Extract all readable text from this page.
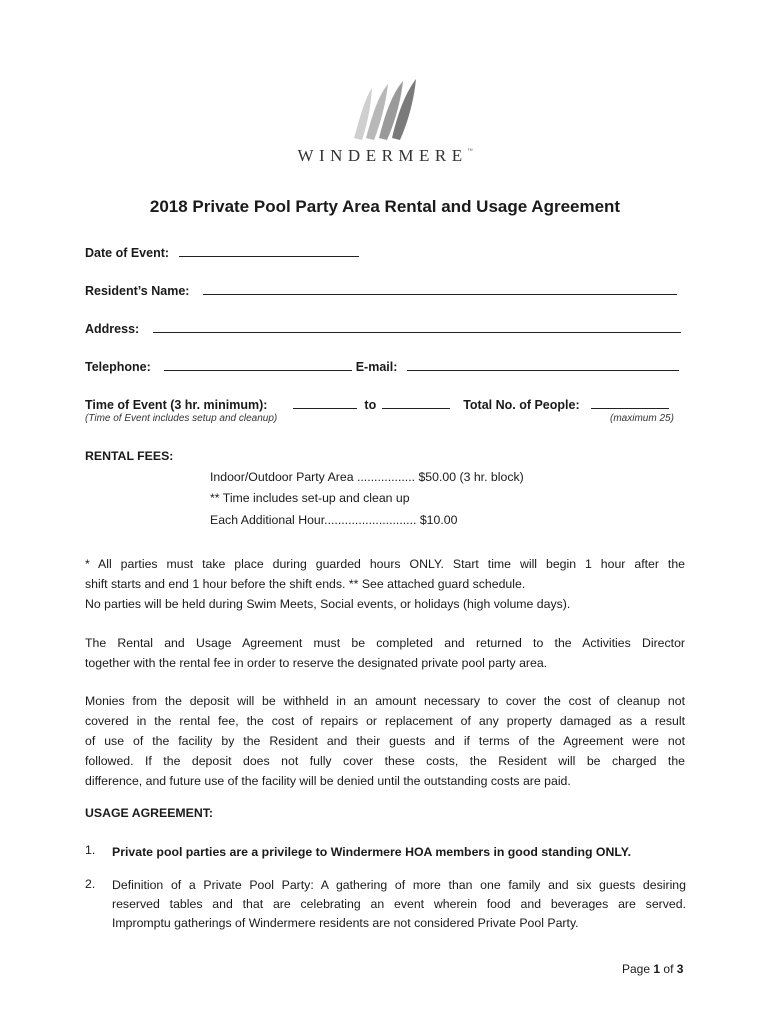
WINDERMERE™
2018 Private Pool Party Area Rental and Usage Agreement
Date of Event:
Resident’s Name:
Address:
Telephone:	E-mail:
Time of Event (3 hr. minimum):	to	Total No. of People:
(Time of Event includes setup and cleanup)	(maximum 25)
RENTAL FEES:
Indoor/Outdoor Party Area ................. $50.00 (3 hr. block)
** Time includes set-up and clean up
Each Additional Hour........................... $10.00
* All parties must take place during guarded hours ONLY. Start time will begin 1 hour after the
shift starts and end 1 hour before the shift ends. ** See attached guard schedule.
No parties will be held during Swim Meets, Social events, or holidays (high volume days).
The Rental and Usage Agreement must be completed and returned to the Activities Director
together with the rental fee in order to reserve the designated private pool party area.
Monies from the deposit will be withheld in an amount necessary to cover the cost of cleanup not
covered in the rental fee, the cost of repairs or replacement of any property damaged as a result
of use of the facility by the Resident and their guests and if terms of the Agreement were not
followed. If the deposit does not fully cover these costs, the Resident will be charged the
difference, and future use of the facility will be denied until the outstanding costs are paid.
USAGE AGREEMENT:
1. Private pool parties are a privilege to Windermere HOA members in good standing ONLY.
2. Definition of a Private Pool Party: A gathering of more than one family and six guests desiring
reserved tables and that are celebrating an event wherein food and beverages are served.
Impromptu gatherings of Windermere residents are not considered Private Pool Party.
Page 1 of 3
